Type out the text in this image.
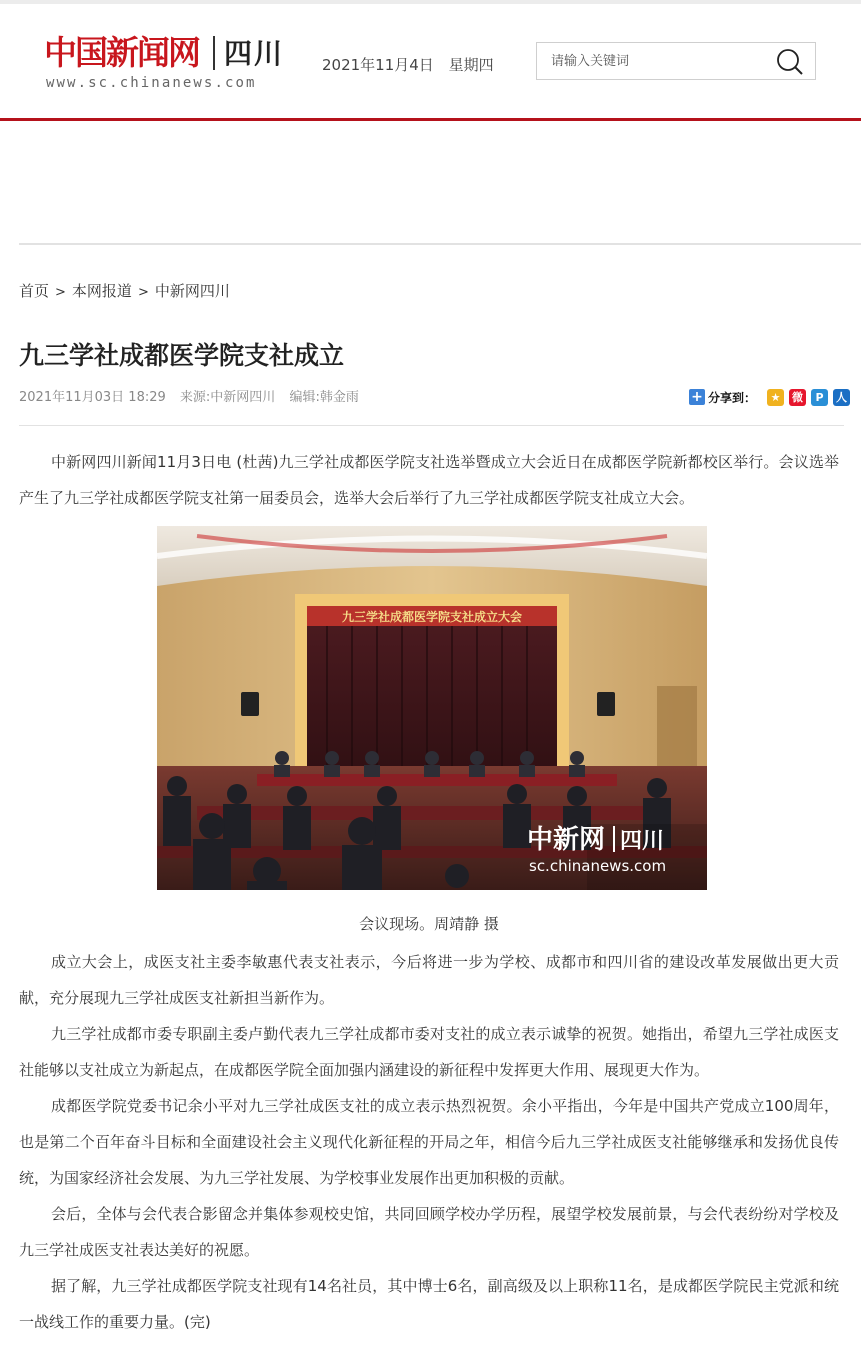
中国新闻网 四川
www.sc.chinanews.com
2021年11月4日 星期四
请输入关键词
首页 > 本网报道 > 中新网四川
九三学社成都医学院支社成立
2021年11月03日 18:29 来源:中新网四川 编辑:韩金雨	+ 分享到：	★	微	P	人

中新网四川新闻11月3日电 (杜茜)九三学社成都医学院支社选举暨成立大会近日在成都医学院新都校区举行。会议选举产生了九三学社成都医学院支社第一届委员会，选举大会后举行了九三学社成都医学院支社成立大会。

九三学社成都医学院支社成立大会
中新网 四川
sc.chinanews.com
会议现场。周靖静 摄

成立大会上，成医支社主委李敏惠代表支社表示，今后将进一步为学校、成都市和四川省的建设改革发展做出更大贡献，充分展现九三学社成医支社新担当新作为。

九三学社成都市委专职副主委卢勤代表九三学社成都市委对支社的成立表示诚挚的祝贺。她指出，希望九三学社成医支社能够以支社成立为新起点，在成都医学院全面加强内涵建设的新征程中发挥更大作用、展现更大作为。

成都医学院党委书记余小平对九三学社成医支社的成立表示热烈祝贺。余小平指出，今年是中国共产党成立100周年，也是第二个百年奋斗目标和全面建设社会主义现代化新征程的开局之年，相信今后九三学社成医支社能够继承和发扬优良传统，为国家经济社会发展、为九三学社发展、为学校事业发展作出更加积极的贡献。

会后，全体与会代表合影留念并集体参观校史馆，共同回顾学校办学历程，展望学校发展前景，与会代表纷纷对学校及九三学社成医支社表达美好的祝愿。

据了解，九三学社成都医学院支社现有14名社员，其中博士6名，副高级及以上职称11名，是成都医学院民主党派和统一战线工作的重要力量。(完)
